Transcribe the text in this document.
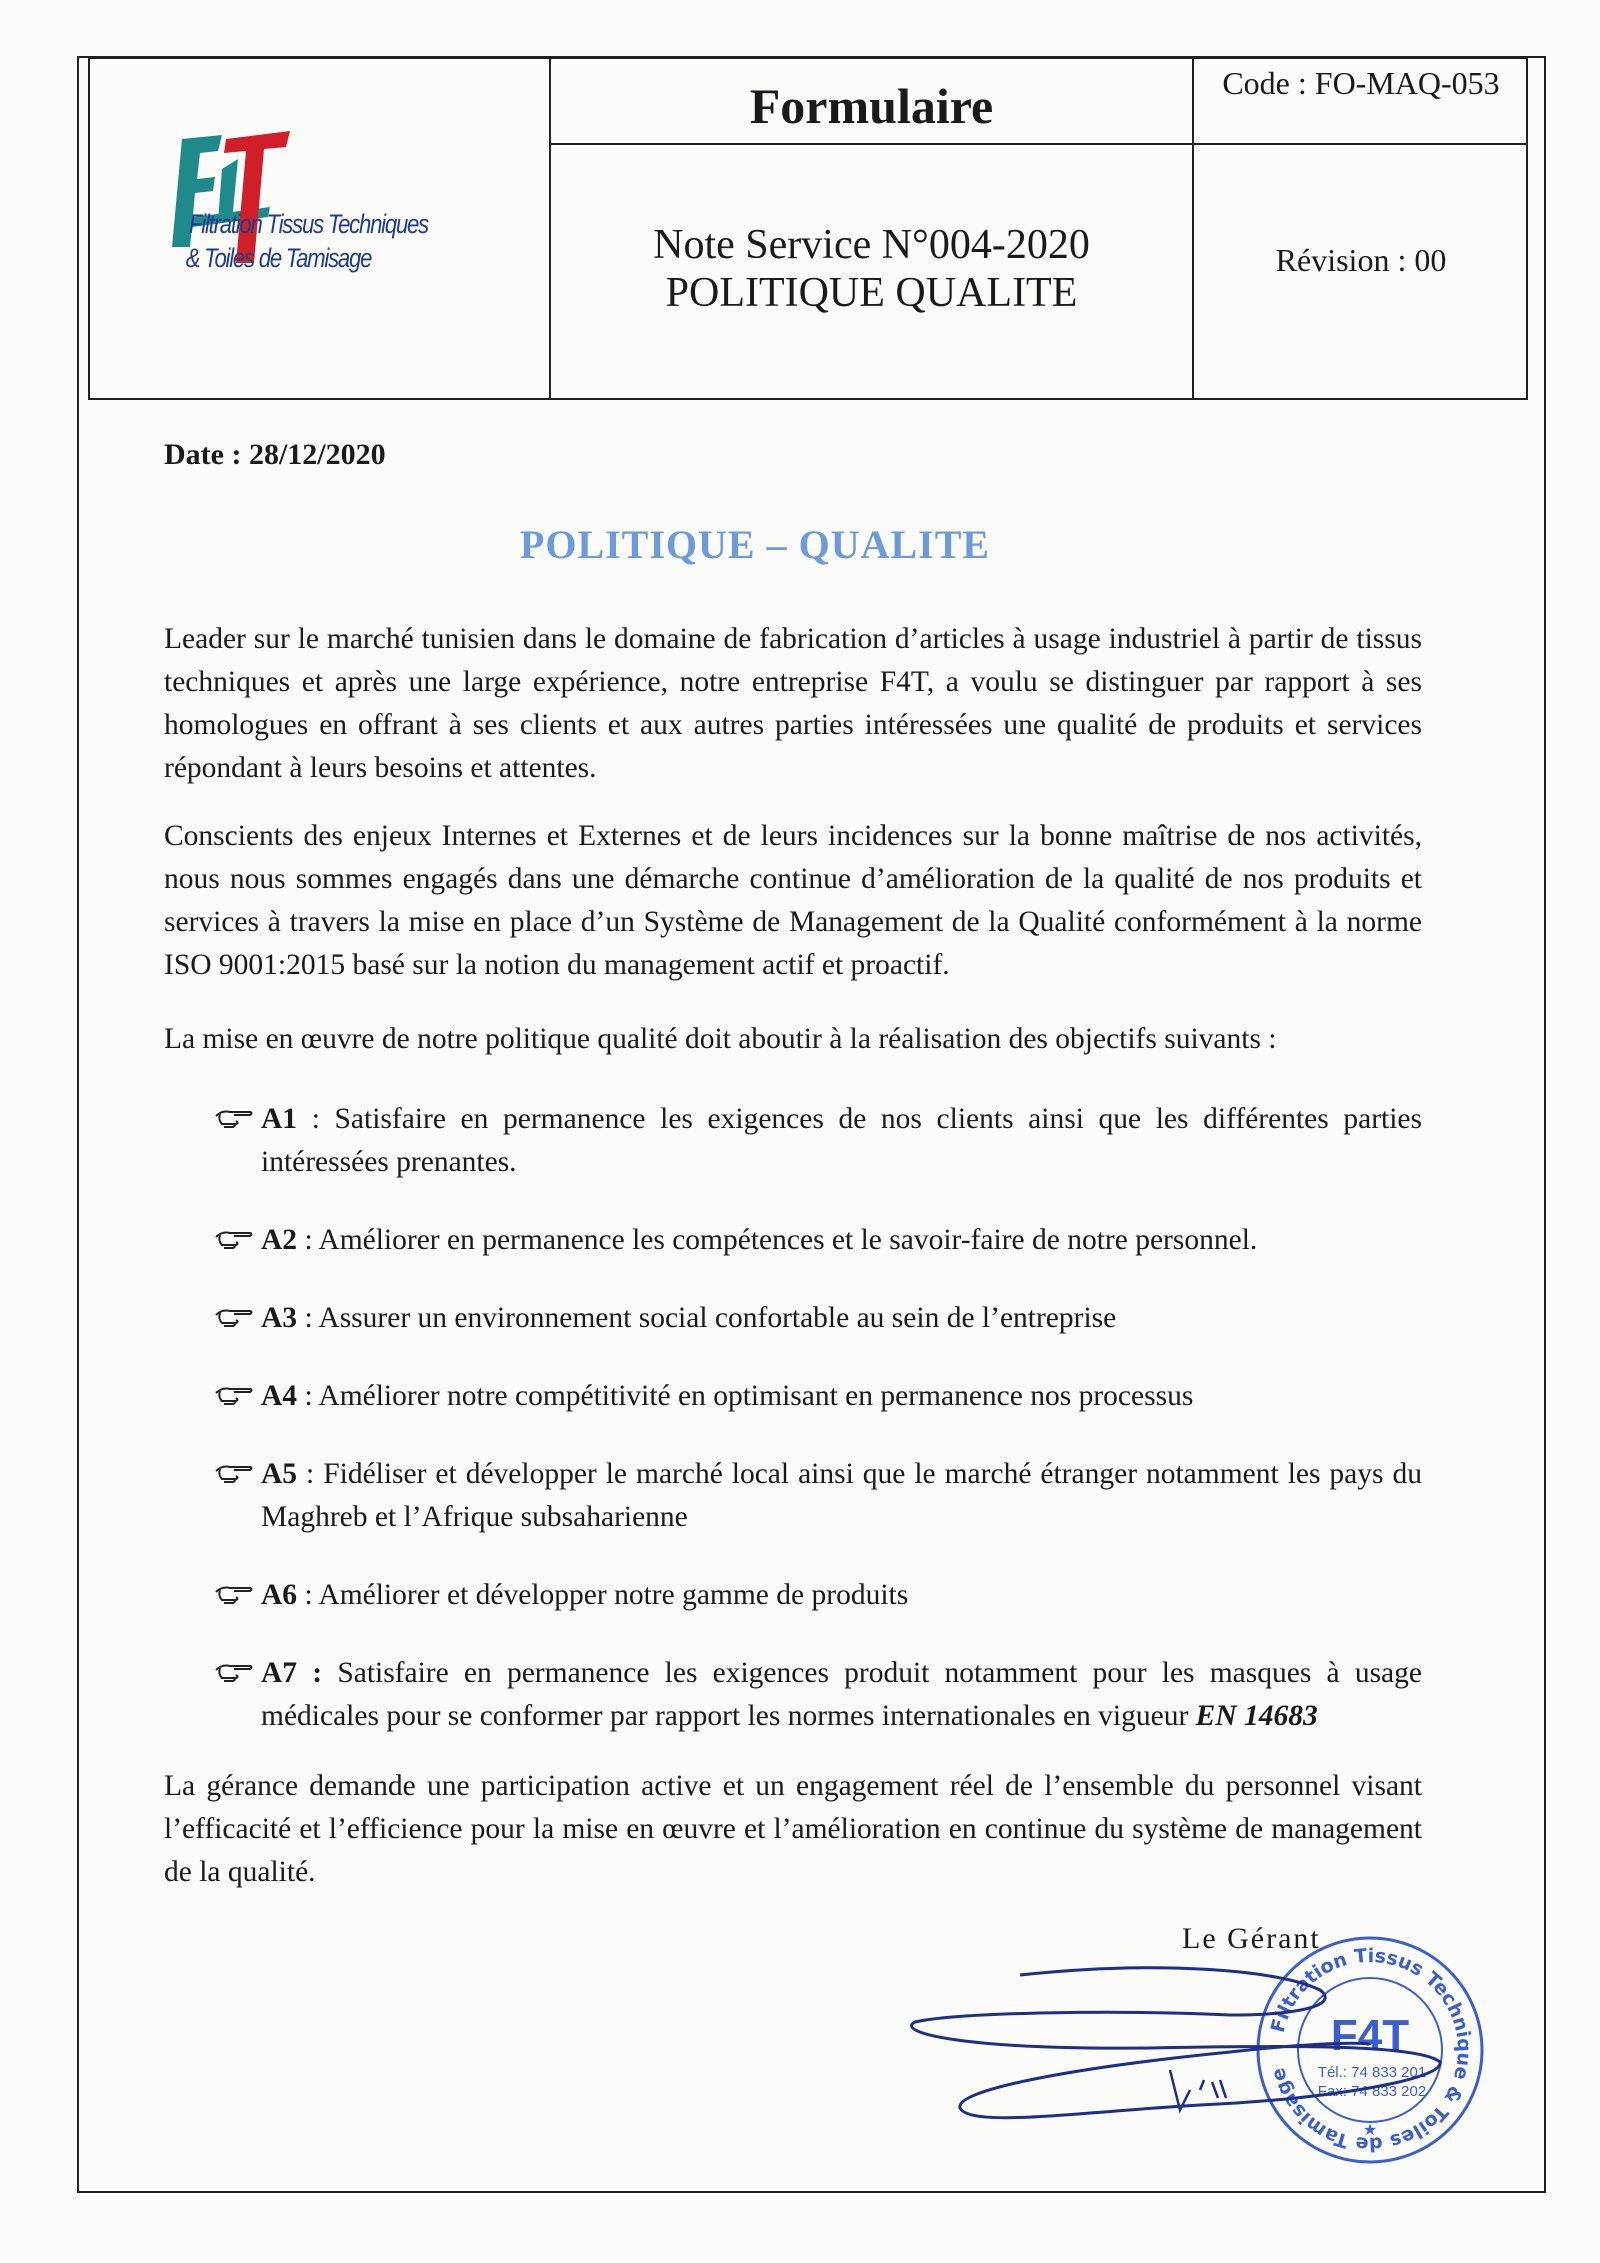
Filtration Tissus Techniques
& Toiles de Tamisage
Formulaire
Note Service N°004-2020
POLITIQUE QUALITE
Code : FO-MAQ-053
Révision : 00
Date : 28/12/2020
POLITIQUE – QUALITE
Leader sur le marché tunisien dans le domaine de fabrication d’articles à usage industriel à partir de tissus techniques et après une large expérience, notre entreprise F4T, a voulu se distinguer par rapport à ses homologues en offrant à ses clients et aux autres parties intéressées une qualité de produits et services répondant à leurs besoins et attentes.
Conscients des enjeux Internes et Externes et de leurs incidences sur la bonne maîtrise de nos activités, nous nous sommes engagés dans une démarche continue d’amélioration de la qualité de nos produits et services à travers la mise en place d’un Système de Management de la Qualité conformément à la norme ISO 9001:2015 basé sur la notion du management actif et proactif.
La mise en œuvre de notre politique qualité doit aboutir à la réalisation des objectifs suivants :
A1 : Satisfaire en permanence les exigences de nos clients ainsi que les différentes parties intéressées prenantes.
A2 : Améliorer en permanence les compétences et le savoir-faire de notre personnel.
A3 : Assurer un environnement social confortable au sein de l’entreprise
A4 : Améliorer notre compétitivité en optimisant en permanence nos processus
A5 : Fidéliser et développer le marché local ainsi que le marché étranger notamment les pays du Maghreb et l’Afrique subsaharienne
A6 : Améliorer et développer notre gamme de produits
A7 : Satisfaire en permanence les exigences produit notamment pour les masques à usage médicales pour se conformer par rapport les normes internationales en vigueur EN 14683
La gérance demande une participation active et un engagement réel de l’ensemble du personnel visant l’efficacité et l’efficience pour la mise en œuvre et l’amélioration en continue du système de management de la qualité.
Le Gérant
Filtration Tissus Technique & Toiles de Tamisage
F4T
Tél.: 74 833 201
Fax: 74 833 202
★
